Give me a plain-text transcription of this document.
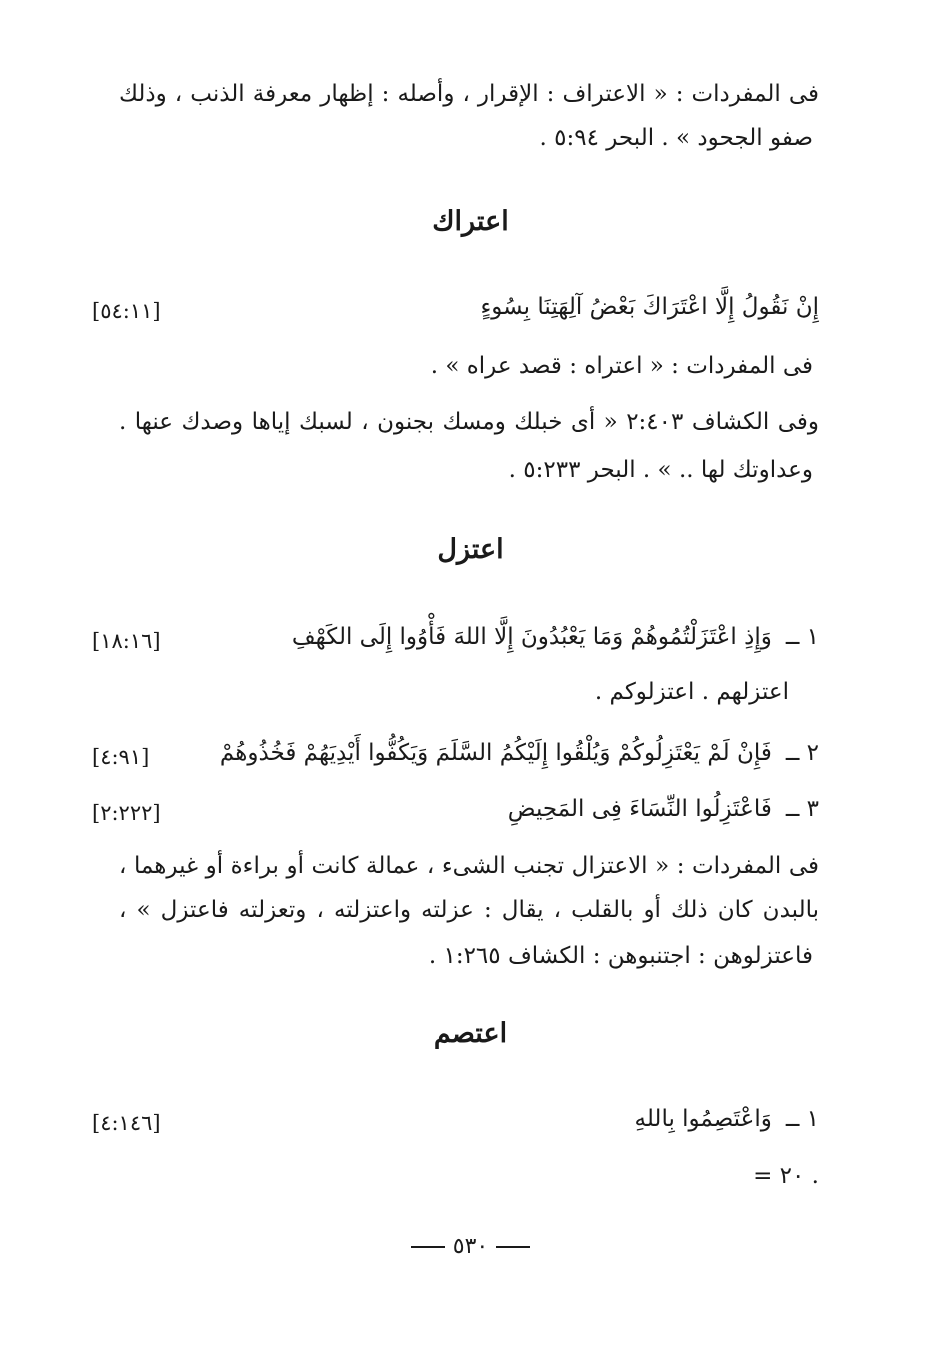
فى المفردات : « الاعتراف : الإقرار ، وأصله : إظهار معرفة الذنب ، وذلك
صفو الجحود » . البحر ٥:٩٤ .
اعتراك
إِنْ نَقُولُ إِلَّا اعْتَرَاكَ بَعْضُ آلِهَتِنَا بِسُوءٍ
[٥٤:١١]
فى المفردات : « اعتراه : قصد عراه » .
وفى الكشاف ٢:٤٠٣ « أى خبلك ومسك بجنون ، لسبك إياها وصدك عنها .
وعداوتك لها .. » . البحر ٥:٢٣٣ .
اعتزل
١ ــوَإِذِ اعْتَزَلْتُمُوهُمْ وَمَا يَعْبُدُونَ إِلَّا اللهَ فَأْوُوا إِلَى الكَهْفِ
[١٨:١٦]
اعتزلهم . اعتزلوكم .
٢ ــفَإِنْ لَمْ يَعْتَزِلُوكُمْ وَيُلْقُوا إِلَيْكُمُ السَّلَمَ وَيَكُفُّوا أَيْدِيَهُمْ فَخُذُوهُمْ
[٤:٩١]
٣ ــفَاعْتَزِلُوا النِّسَاءَ فِى المَحِيضِ
[٢:٢٢٢]
فى المفردات : « الاعتزال تجنب الشىء ، عمالة كانت أو براءة أو غيرهما ،
بالبدن كان ذلك أو بالقلب ، يقال : عزلته واعتزلته ، وتعزلته فاعتزل » ،
فاعتزلوهن : اجتنبوهن : الكشاف ١:٢٦٥ .
اعتصم
١ ــوَاعْتَصِمُوا بِاللهِ
[٤:١٤٦]
= ٢٠ .
٥٣٠
